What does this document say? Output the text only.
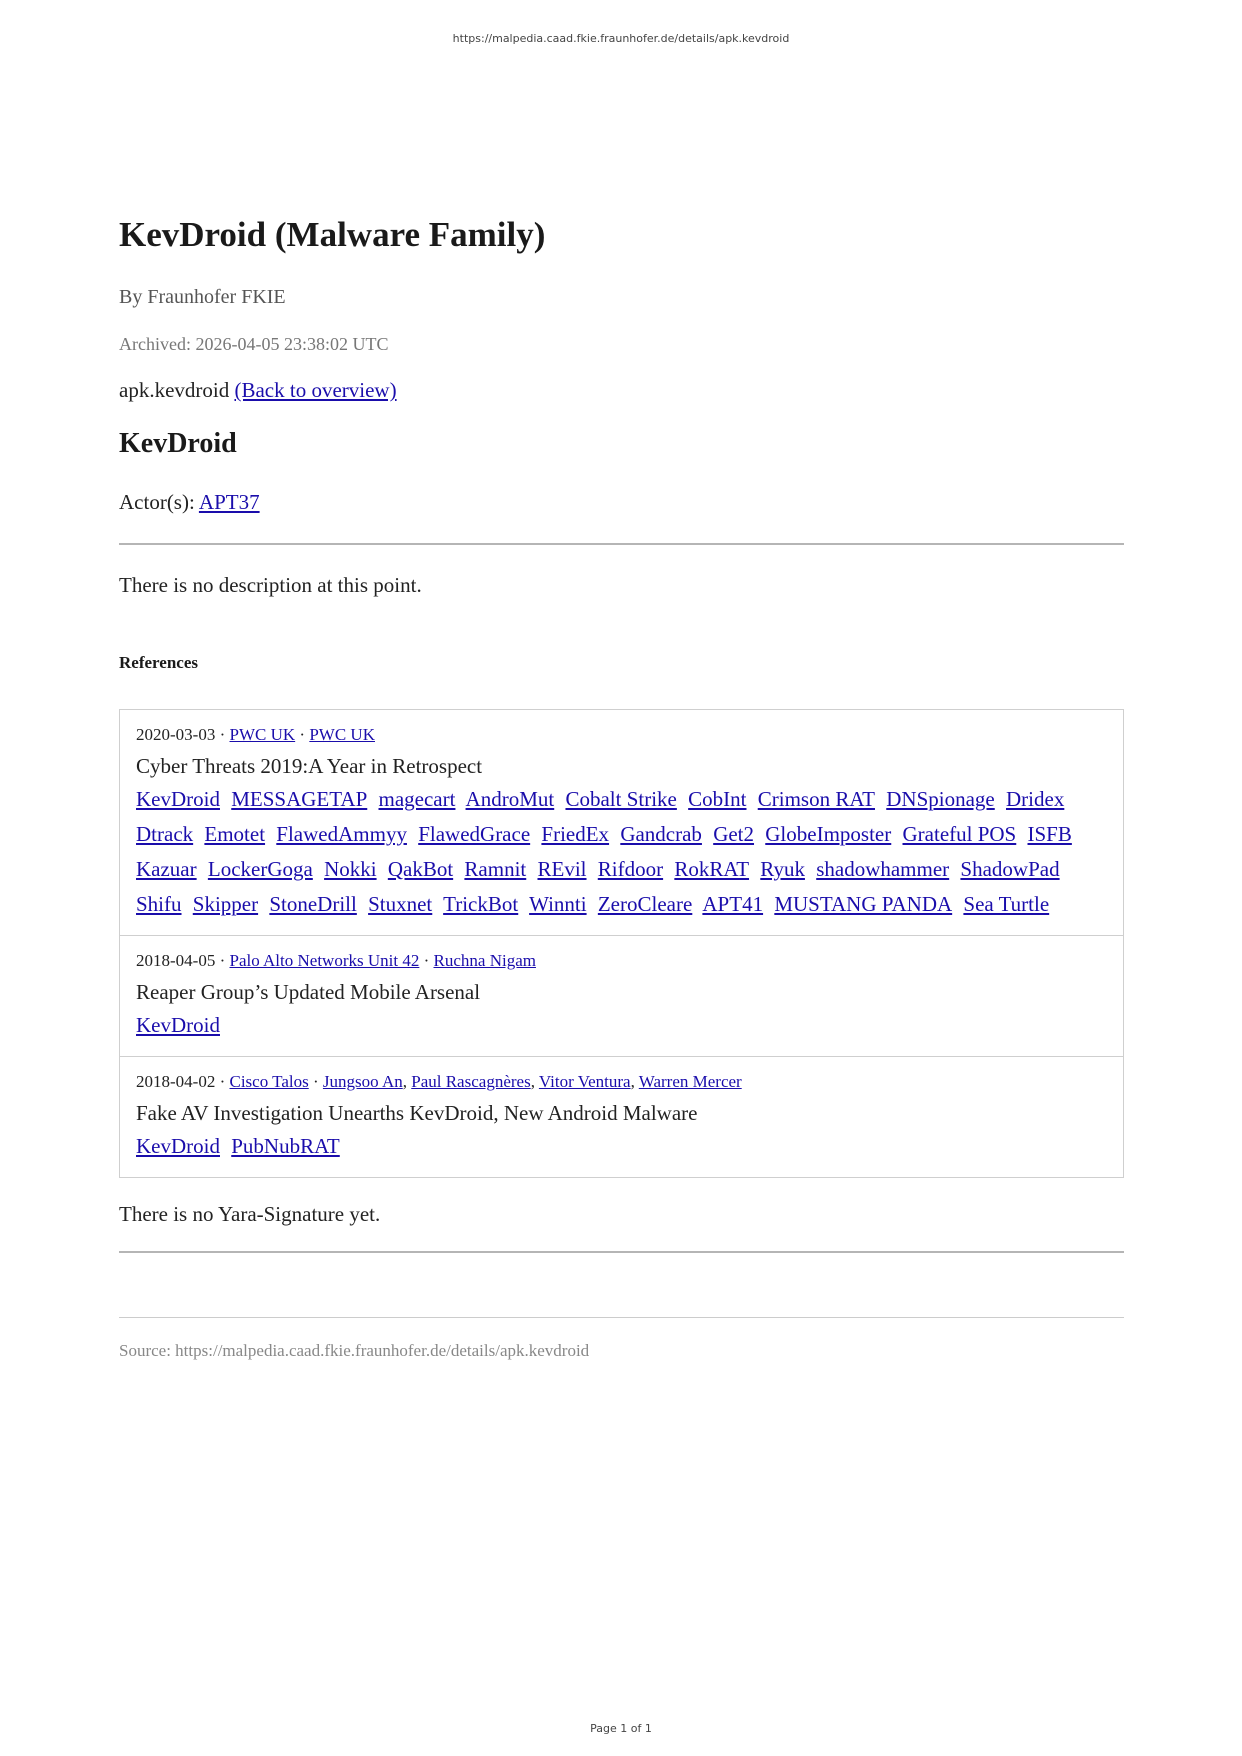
https://malpedia.caad.fkie.fraunhofer.de/details/apk.kevdroid
KevDroid (Malware Family)
By Fraunhofer FKIE
Archived: 2026-04-05 23:38:02 UTC
apk.kevdroid (Back to overview)
KevDroid
Actor(s): APT37
There is no description at this point.
References
2020-03-03 · PWC UK · PWC UK
Cyber Threats 2019:A Year in Retrospect
KevDroid MESSAGETAP magecart AndroMut Cobalt Strike CobInt Crimson RAT DNSpionage Dridex Dtrack Emotet FlawedAmmyy FlawedGrace FriedEx Gandcrab Get2 GlobeImposter Grateful POS ISFB Kazuar LockerGoga Nokki QakBot Ramnit REvil Rifdoor RokRAT Ryuk shadowhammer ShadowPad Shifu Skipper StoneDrill Stuxnet TrickBot Winnti ZeroCleare APT41 MUSTANG PANDA Sea Turtle
2018-04-05 · Palo Alto Networks Unit 42 · Ruchna Nigam
Reaper Group’s Updated Mobile Arsenal
KevDroid
2018-04-02 · Cisco Talos · Jungsoo An, Paul Rascagnères, Vitor Ventura, Warren Mercer
Fake AV Investigation Unearths KevDroid, New Android Malware
KevDroid PubNubRAT
There is no Yara-Signature yet.
Source: https://malpedia.caad.fkie.fraunhofer.de/details/apk.kevdroid
Page 1 of 1
